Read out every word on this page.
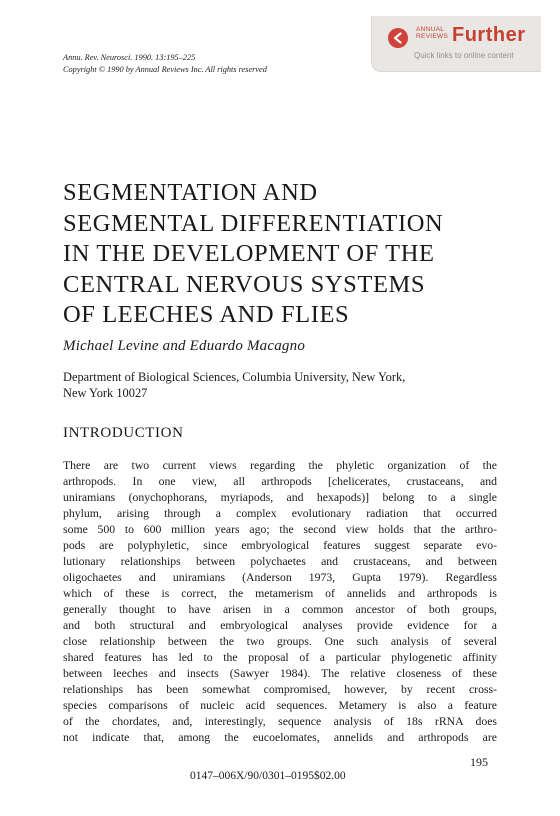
Annu. Rev. Neurosci. 1990. 13:195–225
Copyright © 1990 by Annual Reviews Inc. All rights reserved
ANNUAL
REVIEWS Further
Quick links to online content
SEGMENTATION AND
SEGMENTAL DIFFERENTIATION
IN THE DEVELOPMENT OF THE
CENTRAL NERVOUS SYSTEMS
OF LEECHES AND FLIES
Michael Levine and Eduardo Macagno
Department of Biological Sciences, Columbia University, New York,
New York 10027
INTRODUCTION
There are two current views regarding the phyletic organization of the
arthropods. In one view, all arthropods [chelicerates, crustaceans, and
uniramians (onychophorans, myriapods, and hexapods)] belong to a single
phylum, arising through a complex evolutionary radiation that occurred
some 500 to 600 million years ago; the second view holds that the arthro-
pods are polyphyletic, since embryological features suggest separate evo-
lutionary relationships between polychaetes and crustaceans, and between
oligochaetes and uniramians (Anderson 1973, Gupta 1979). Regardless
which of these is correct, the metamerism of annelids and arthropods is
generally thought to have arisen in a common ancestor of both groups,
and both structural and embryological analyses provide evidence for a
close relationship between the two groups. One such analysis of several
shared features has led to the proposal of a particular phylogenetic affinity
between leeches and insects (Sawyer 1984). The relative closeness of these
relationships has been somewhat compromised, however, by recent cross-
species comparisons of nucleic acid sequences. Metamery is also a feature
of the chordates, and, interestingly, sequence analysis of 18s rRNA does
not indicate that, among the eucoelomates, annelids and arthropods are
195
0147–006X/90/0301–0195$02.00
